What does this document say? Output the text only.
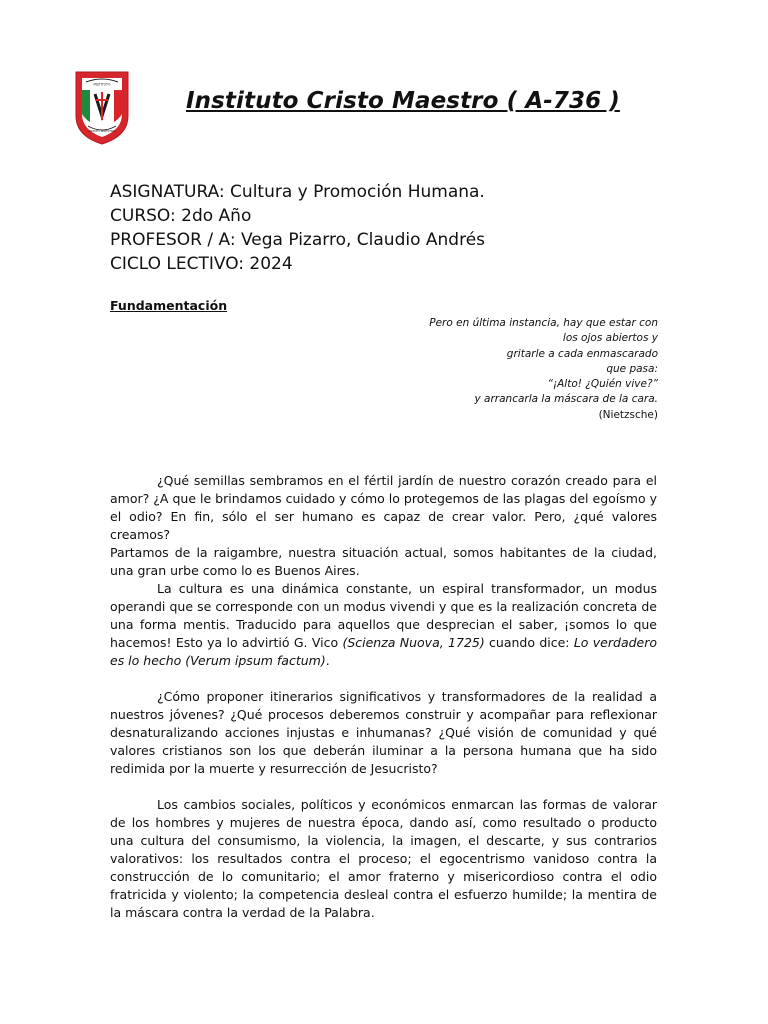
INSTITUTO
CRISTO MAESTRO
Instituto Cristo Maestro ( A-736 )
ASIGNATURA: Cultura y Promoción Humana.
CURSO: 2do Año
PROFESOR / A: Vega Pizarro, Claudio Andrés
CICLO LECTIVO: 2024
Fundamentación
Pero en última instancia, hay que estar con
los ojos abiertos y
gritarle a cada enmascarado
que pasa:
“¡Alto! ¿Quién vive?”
y arrancarla la máscara de la cara.
(Nietzsche)

¿Qué semillas sembramos en el fértil jardín de nuestro corazón creado para el amor? ¿A que le brindamos cuidado y cómo lo protegemos de las plagas del egoísmo y el odio? En fin, sólo el ser humano es capaz de crear valor. Pero, ¿qué valores creamos?

Partamos de la raigambre, nuestra situación actual, somos habitantes de la ciudad, una gran urbe como lo es Buenos Aires.

La cultura es una dinámica constante, un espiral transformador, un modus operandi que se corresponde con un modus vivendi y que es la realización concreta de una forma mentis. Traducido para aquellos que desprecian el saber, ¡somos lo que hacemos! Esto ya lo advirtió G. Vico (Scienza Nuova, 1725) cuando dice: Lo verdadero es lo hecho (Verum ipsum factum).

¿Cómo proponer itinerarios significativos y transformadores de la realidad a nuestros jóvenes? ¿Qué procesos deberemos construir y acompañar para reflexionar desnaturalizando acciones injustas e inhumanas? ¿Qué visión de comunidad y qué valores cristianos son los que deberán iluminar a la persona humana que ha sido redimida por la muerte y resurrección de Jesucristo?

Los cambios sociales, políticos y económicos enmarcan las formas de valorar de los hombres y mujeres de nuestra época, dando así, como resultado o producto una cultura del consumismo, la violencia, la imagen, el descarte, y sus contrarios valorativos: los resultados contra el proceso; el egocentrismo vanidoso contra la construcción de lo comunitario; el amor fraterno y misericordioso contra el odio fratricida y violento; la competencia desleal contra el esfuerzo humilde; la mentira de la máscara contra la verdad de la Palabra.
